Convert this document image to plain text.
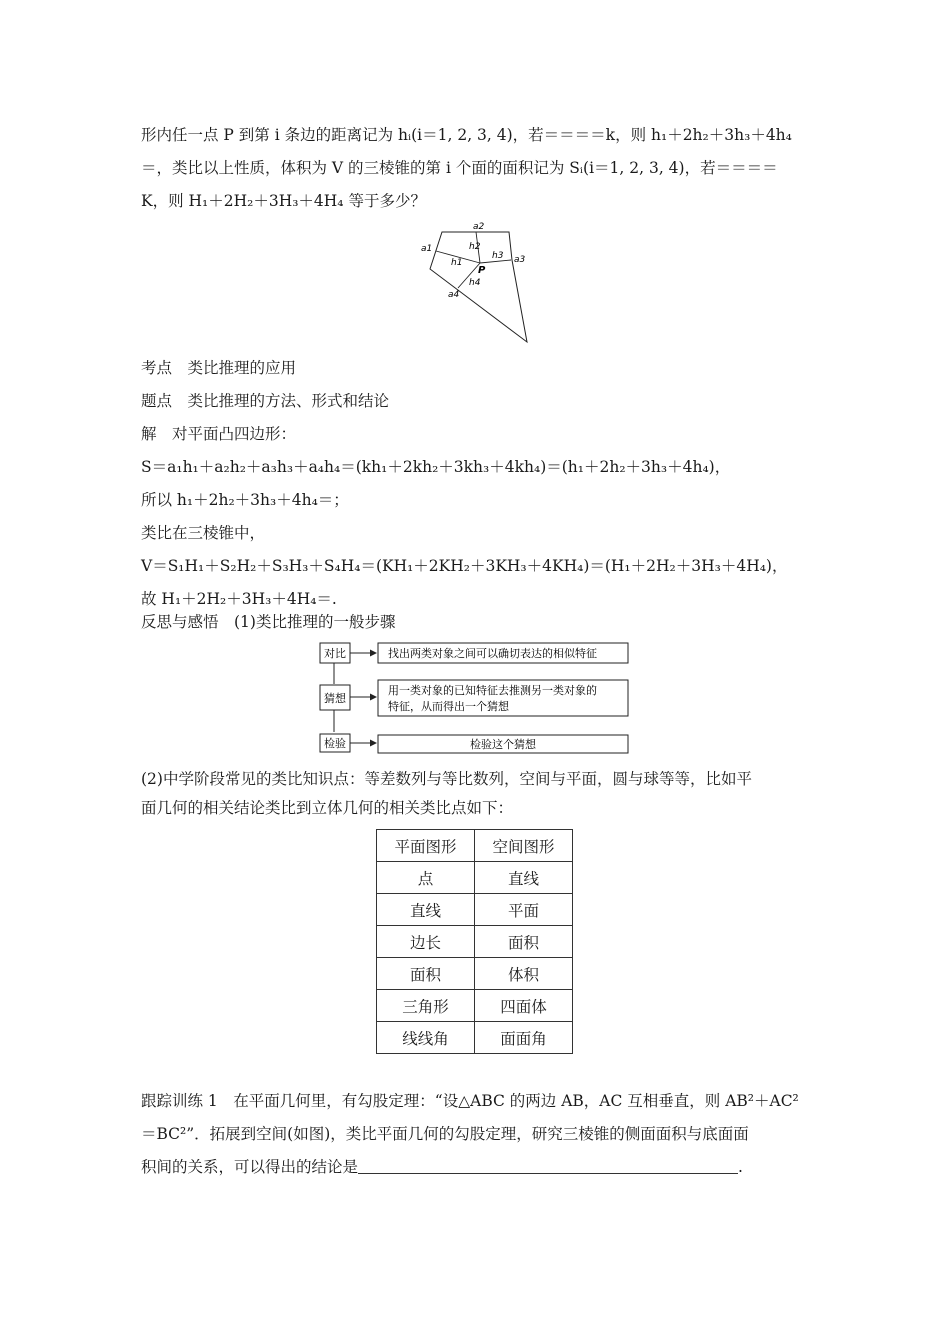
形内任一点 P 到第 i 条边的距离记为 hᵢ(i＝1, 2, 3, 4)，若＝＝＝＝k，则 h₁＋2h₂＋3h₃＋4h₄
＝，类比以上性质，体积为 V 的三棱锥的第 i 个面的面积记为 Sᵢ(i＝1, 2, 3, 4)，若＝＝＝＝
K，则 H₁＋2H₂＋3H₃＋4H₄ 等于多少？
a1
a2
a3
a4
h1
h2
h3
h4
P
考点　类比推理的应用
题点　类比推理的方法、形式和结论
解　对平面凸四边形：
S＝a₁h₁＋a₂h₂＋a₃h₃＋a₄h₄＝(kh₁＋2kh₂＋3kh₃＋4kh₄)＝(h₁＋2h₂＋3h₃＋4h₄)，
所以 h₁＋2h₂＋3h₃＋4h₄＝；
类比在三棱锥中，
V＝S₁H₁＋S₂H₂＋S₃H₃＋S₄H₄＝(KH₁＋2KH₂＋3KH₃＋4KH₄)＝(H₁＋2H₂＋3H₃＋4H₄)，
故 H₁＋2H₂＋3H₃＋4H₄＝.
反思与感悟　(1)类比推理的一般步骤
对比	找出两类对象之间可以确切表达的相似特征
猜想
用一类对象的已知特征去推测另一类对象的
特征，从而得出一个猜想
检验	检验这个猜想
(2)中学阶段常见的类比知识点：等差数列与等比数列，空间与平面，圆与球等等，比如平
面几何的相关结论类比到立体几何的相关类比点如下：
平面图形	空间图形
点	直线
直线	平面
边长	面积
面积	体积
三角形	四面体
线线角	面面角
跟踪训练 1　在平面几何里，有勾股定理：“设△ABC 的两边 AB，AC 互相垂直，则 AB²＋AC²
＝BC²”．拓展到空间(如图)，类比平面几何的勾股定理，研究三棱锥的侧面面积与底面面
积间的关系，可以得出的结论是	.
